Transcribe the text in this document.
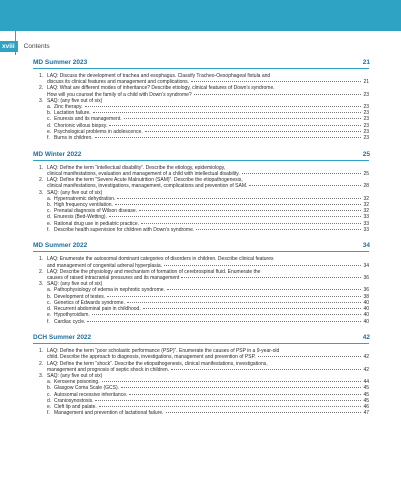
xviii	Contents
MD Summer 2023	21
1. LAQ: Discuss the development of trachea and esophagus. Classify Tracheo-Oesophageal fistula and
discuss its clinical features and management and complications.	21
2. LAQ: What are different modes of inheritance? Describe etiology, clinical features of Down’s syndrome.
How will you counsel the family of a child with Down’s syndrome?	23
3. SAQ: (any five out of six)
a. Zinc therapy.	23
b. Lactation failure.	23
c. Enuresis and its management.	23
d. Chorionic villous biopsy.	23
e. Psychological problems in adolescence.	23
f. Burns in children.	23
MD Winter 2022	25
1. LAQ: Define the term “intellectual disability”. Describe the etiology, epidemiology,
clinical manifestations, evaluation and management of a child with intellectual disability.	25
2. LAQ: Define the term “Severe Acute Malnutrition (SAM)”. Describe the etiopathogenesis,
clinical manifestations, investigations, management, complications and prevention of SAM.	28
3. SAQ: (any five out of six)
a. Hypernatremic dehydration.	32
b. High frequency ventilation.	32
c. Prenatal diagnosis of Wilson disease.	32
d. Enuresis (Bed-Wetting).	33
e. Rational drug use in pediatric practice.	33
f. Describe health supervision for children with Down’s syndrome.	33
MD Summer 2022	34
1. LAQ: Enumerate the autosomal dominant categories of disorders in children. Describe clinical features
and management of congenital adrenal hyperplasia.	34
2. LAQ: Describe the physiology and mechanism of formation of cerebrospinal fluid. Enumerate the
causes of raised intracranial pressures and its management	36
3. SAQ: (any five out of six)
a. Pathophysiology of edema in nephrotic syndrome.	36
b. Development of testes.	38
c. Genetics of Edwards syndrome.	40
d. Recurrent abdominal pain in childhood.	40
e. Hypothyroidism.	40
f. Cardiac cycle.	40
DCH Summer 2022	42
1. LAQ: Define the term “poor scholastic performance (PSP)”. Enumerate the causes of PSP in a 9-year-old
child. Describe the approach to diagnosis, investigations, management and prevention of PSP.	42
2. LAQ: Define the term “shock”. Describe the etiopathogenesis, clinical manifestations, investigations,
management and prognosis of septic shock in children.	42
3. SAQ: (any five out of six)
a. Kerosene poisoning.	44
b. Glasgow Coma Scale (GCS).	45
c. Autosomal recessive inheritance.	45
d. Craniosynostosis.	45
e. Cleft lip and palate.	46
f. Management and prevention of lactational failure.	47
